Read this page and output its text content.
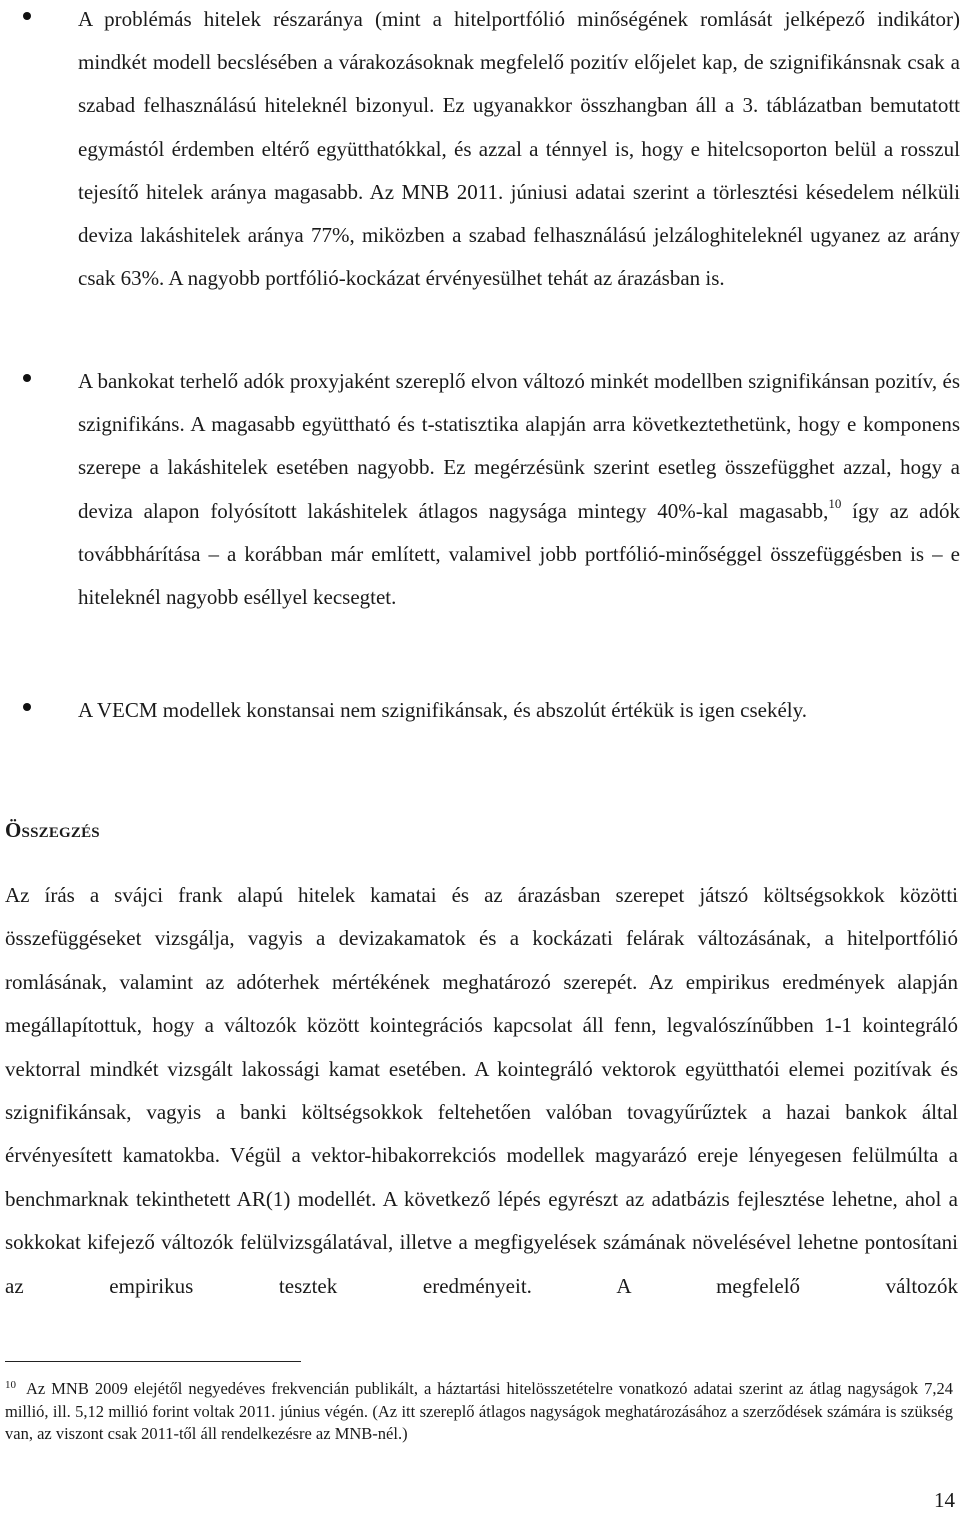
A problémás hitelek részaránya (mint a hitelportfólió minőségének romlását jelképező indikátor) mindkét modell becslésében a várakozásoknak megfelelő pozitív előjelet kap, de szignifikánsnak csak a szabad felhasználású hiteleknél bizonyul. Ez ugyanakkor összhangban áll a 3. táblázatban bemutatott egymástól érdemben eltérő együtthatókkal, és azzal a ténnyel is, hogy e hitelcsoporton belül a rosszul tejesítő hitelek aránya magasabb. Az MNB 2011. júniusi adatai szerint a törlesztési késedelem nélküli deviza lakáshitelek aránya 77%, miközben a szabad felhasználású jelzáloghiteleknél ugyanez az arány csak 63%. A nagyobb portfólió-kockázat érvényesülhet tehát az árazásban is.
A bankokat terhelő adók proxyjaként szereplő elvon változó minkét modellben szignifikánsan pozitív, és szignifikáns. A magasabb együttható és t-statisztika alapján arra következtethetünk, hogy e komponens szerepe a lakáshitelek esetében nagyobb. Ez megérzésünk szerint esetleg összefügghet azzal, hogy a deviza alapon folyósított lakáshitelek átlagos nagysága mintegy 40%-kal magasabb,$^{10}$ így az adók továbbhárítása – a korábban már említett, valamivel jobb portfólió-minőséggel összefüggésben is – e hiteleknél nagyobb eséllyel kecsegtet.
A VECM modellek konstansai nem szignifikánsak, és abszolút értékük is igen csekély.
Összegzés

Az írás a svájci frank alapú hitelek kamatai és az árazásban szerepet játszó költségsokkok közötti összefüggéseket vizsgálja, vagyis a devizakamatok és a kockázati felárak változásának, a hitelportfólió romlásának, valamint az adóterhek mértékének meghatározó szerepét. Az empirikus eredmények alapján megállapítottuk, hogy a változók között kointegrációs kapcsolat áll fenn, legvalószínűbben 1-1 kointegráló vektorral mindkét vizsgált lakossági kamat esetében. A kointegráló vektorok együtthatói elemei pozitívak és szignifikánsak, vagyis a banki költségsokkok feltehetően valóban tovagyűrűztek a hazai bankok által érvényesített kamatokba. Végül a vektor-hibakorrekciós modellek magyarázó ereje lényegesen felülmúlta a benchmarknak tekinthetett AR(1) modellét. A következő lépés egyrészt az adatbázis fejlesztése lehetne, ahol a sokkokat kifejező változók felülvizsgálatával, illetve a megfigyelések számának növelésével lehetne pontosítani az empirikus tesztek eredményeit. A megfelelő változók

$^{10}$ Az MNB 2009 elejétől negyedéves frekvencián publikált, a háztartási hitelösszetételre vonatkozó adatai szerint az átlag nagyságok 7,24 millió, ill. 5,12 millió forint voltak 2011. június végén. (Az itt szereplő átlagos nagyságok meghatározásához a szerződések számára is szükség van, az viszont csak 2011-től áll rendelkezésre az MNB-nél.)

14
